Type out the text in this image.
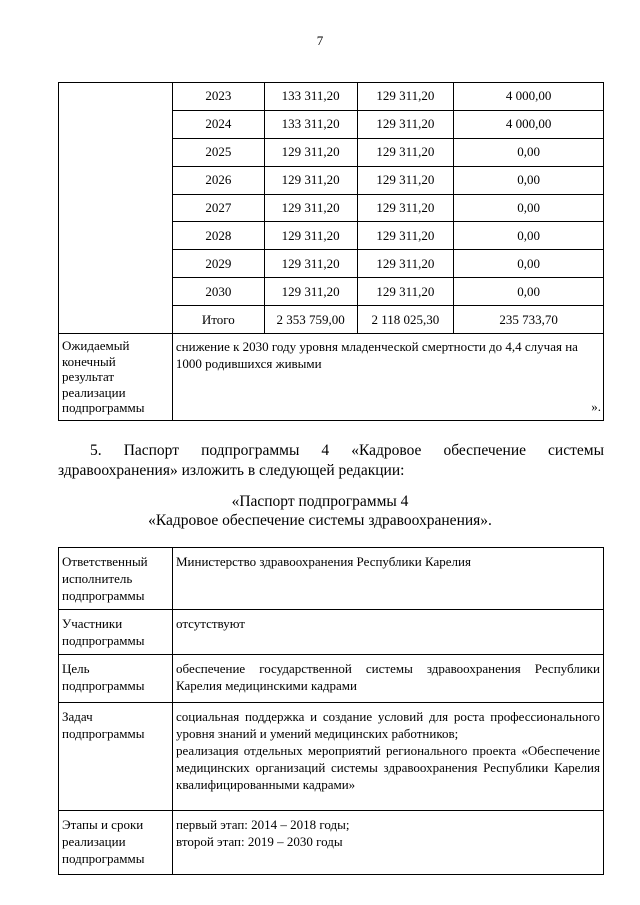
7
	2023	133 311,20	129 311,20	4 000,00
	2024	133 311,20	129 311,20	4 000,00
	2025	129 311,20	129 311,20	0,00
	2026	129 311,20	129 311,20	0,00
	2027	129 311,20	129 311,20	0,00
	2028	129 311,20	129 311,20	0,00
	2029	129 311,20	129 311,20	0,00
	2030	129 311,20	129 311,20	0,00
	Итого	2 353 759,00	2 118 025,30	235 733,70
Ожидаемый конечный результат реализации подпрограммы	снижение к 2030 году уровня младенческой смертности до 4,4 случая на 1000 родившихся живыми
».			
5. Паспорт подпрограммы 4 «Кадровое обеспечение системы здравоохранения» изложить в следующей редакции:
«Паспорт подпрограммы 4
«Кадровое обеспечение системы здравоохранения».
Ответственный исполнитель подпрограммы	Министерство здравоохранения Республики Карелия

Участники подпрограммы	отсутствуют

Цель подпрограммы	обеспечение государственной системы здравоохранения Республики Карелия медицинскими кадрами

Задач подпрограммы	социальная поддержка и создание условий для роста профессионального уровня знаний и умений медицинских работников;
реализация отдельных мероприятий регионального проекта «Обеспечение медицинских организаций системы здравоохранения Республики Карелия квалифицированными кадрами»

Этапы и сроки реализации подпрограммы	первый этап: 2014 – 2018 годы;
второй этап: 2019 – 2030 годы
